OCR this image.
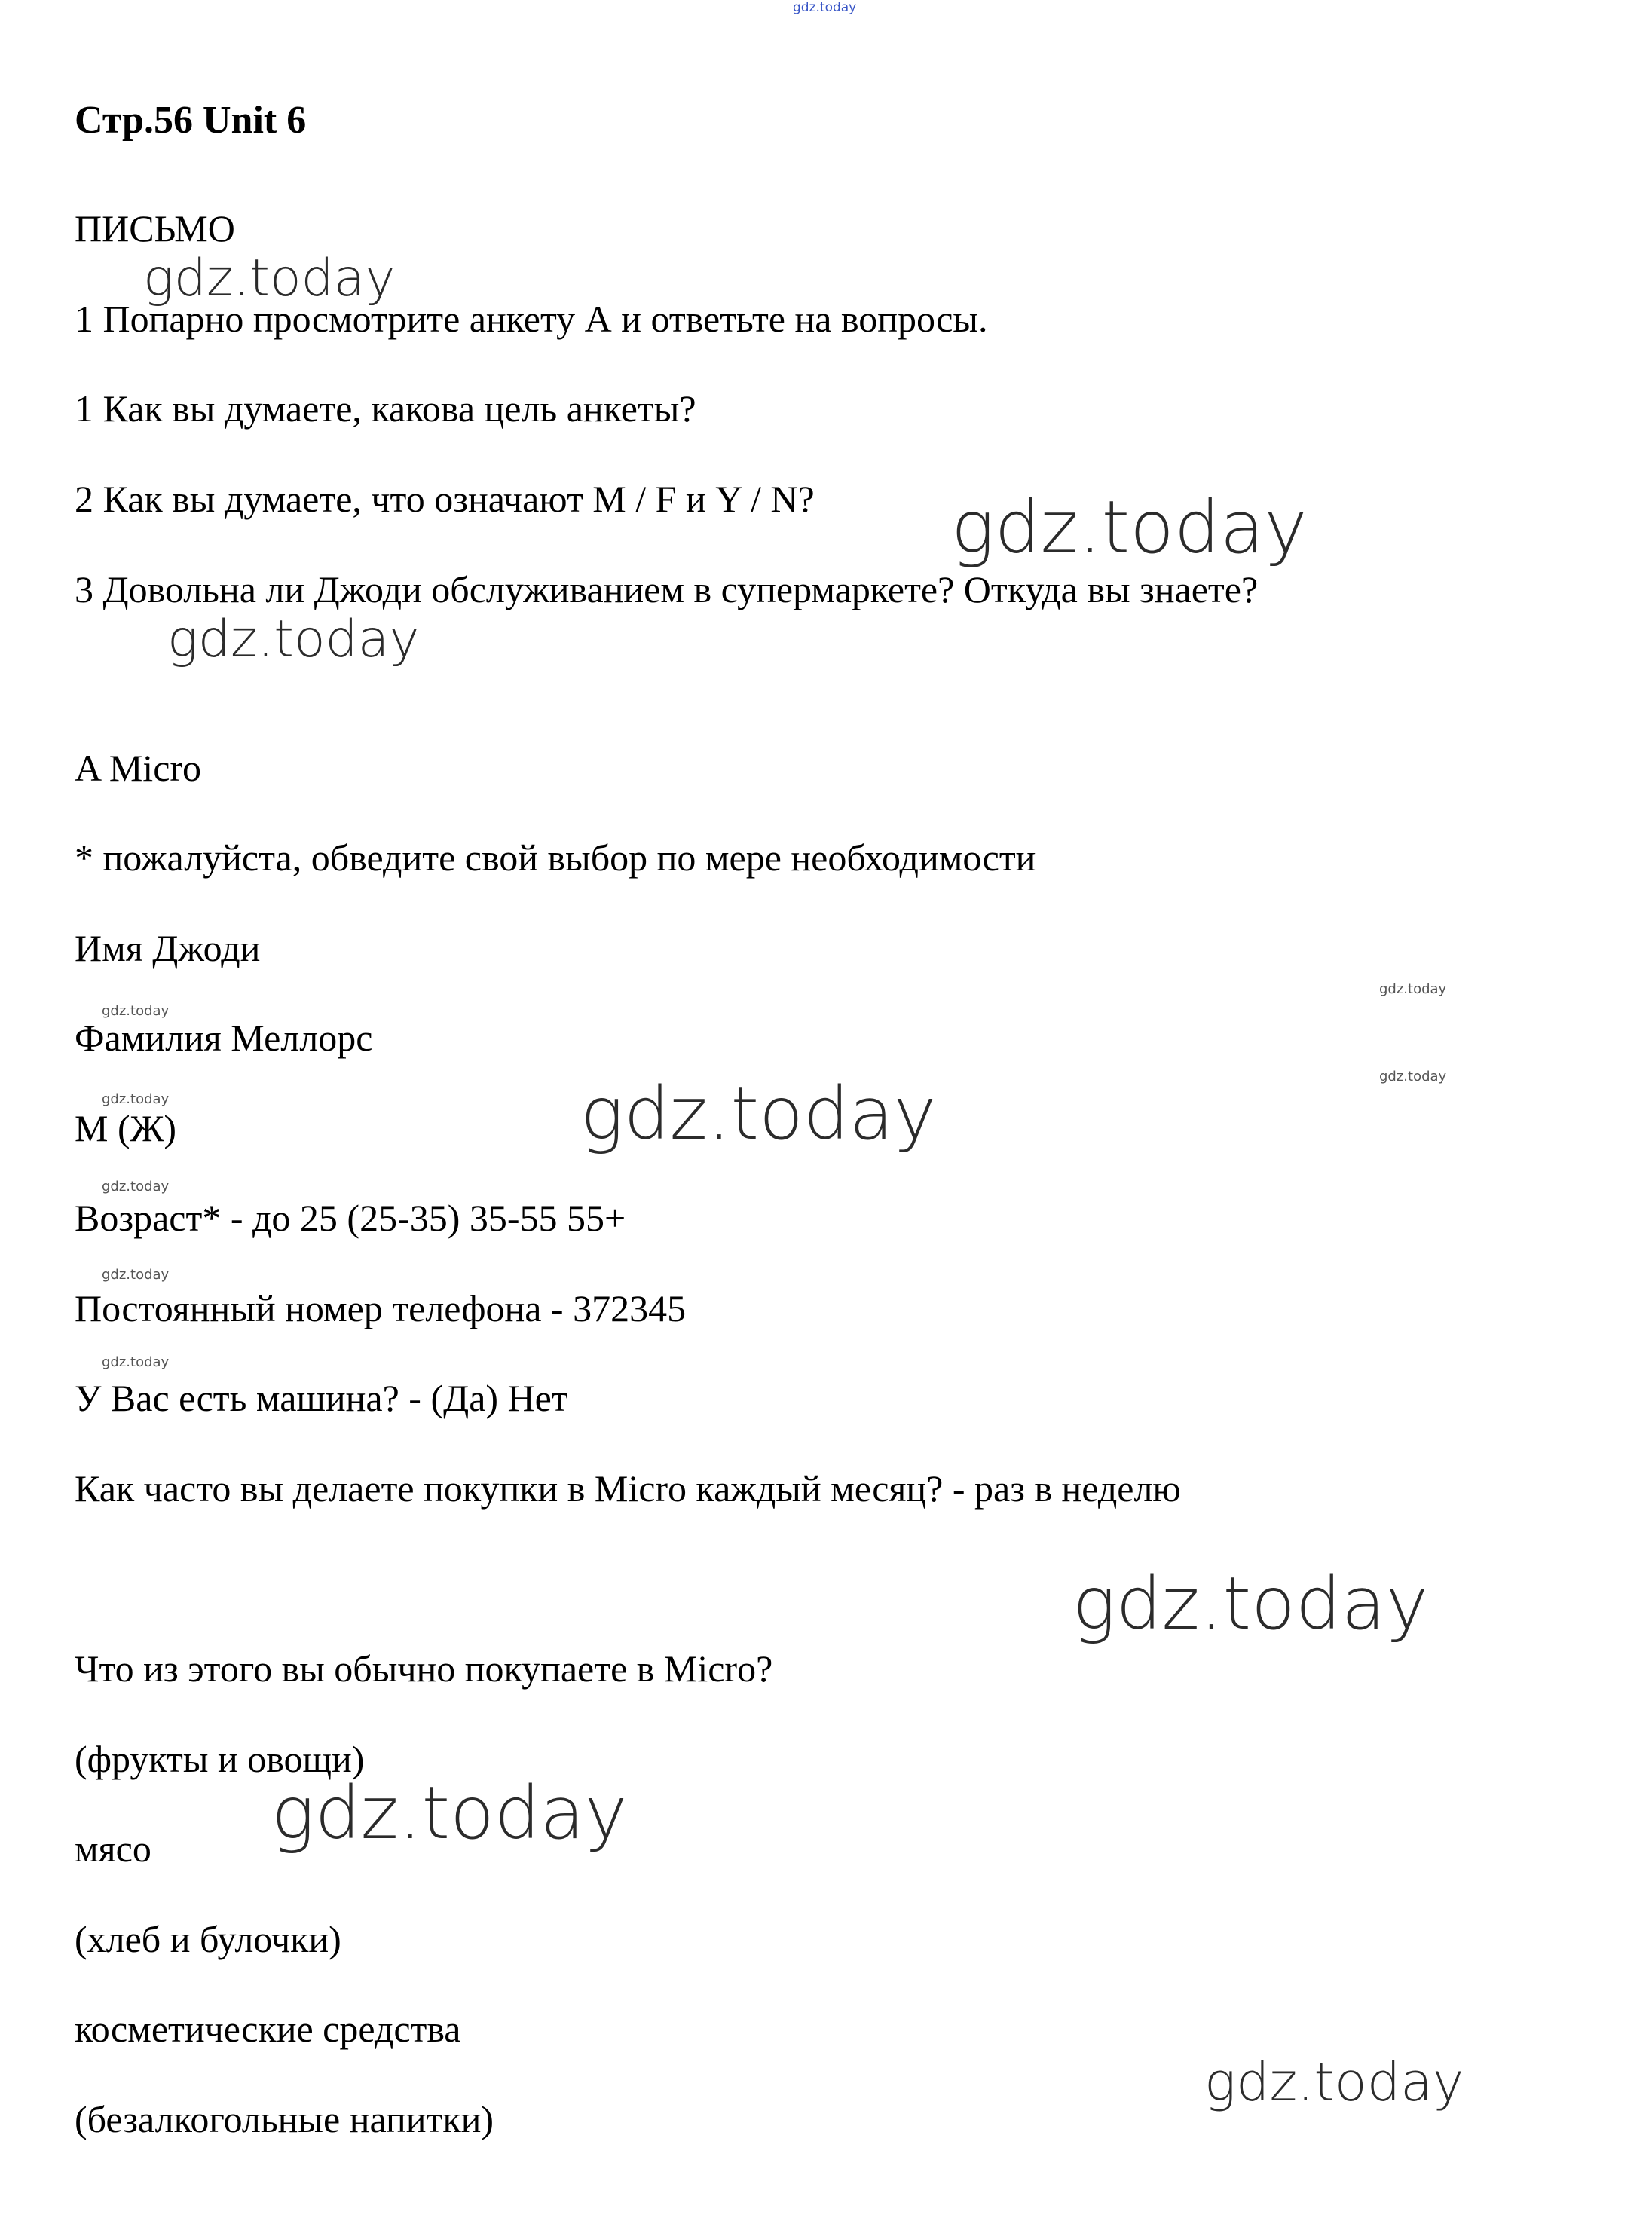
Стр.56 Unit 6
ПИСЬМО
1 Попарно просмотрите анкету А и ответьте на вопросы.
1 Как вы думаете, какова цель анкеты?
2 Как вы думаете, что означают M / F и Y / N?
3 Довольна ли Джоди обслуживанием в супермаркете? Откуда вы знаете?
A Micro
* пожалуйста, обведите свой выбор по мере необходимости
Имя Джоди
Фамилия Меллорс
M (Ж)
Возраст* - до 25 (25-35) 35-55 55+
Постоянный номер телефона - 372345
У Вас есть машина? - (Да) Нет
Как часто вы делаете покупки в Micro каждый месяц? - раз в неделю
Что из этого вы обычно покупаете в Micro?
(фрукты и овощи)
мясо
(хлеб и булочки)
косметические средства
(безалкогольные напитки)
gdz.today
gdz.today
gdz.today
gdz.today
gdz.today
gdz.today
gdz.today
gdz.today	gdz.today
gdz.today
gdz.today
gdz.today
gdz.today
gdz.today
gdz.today
